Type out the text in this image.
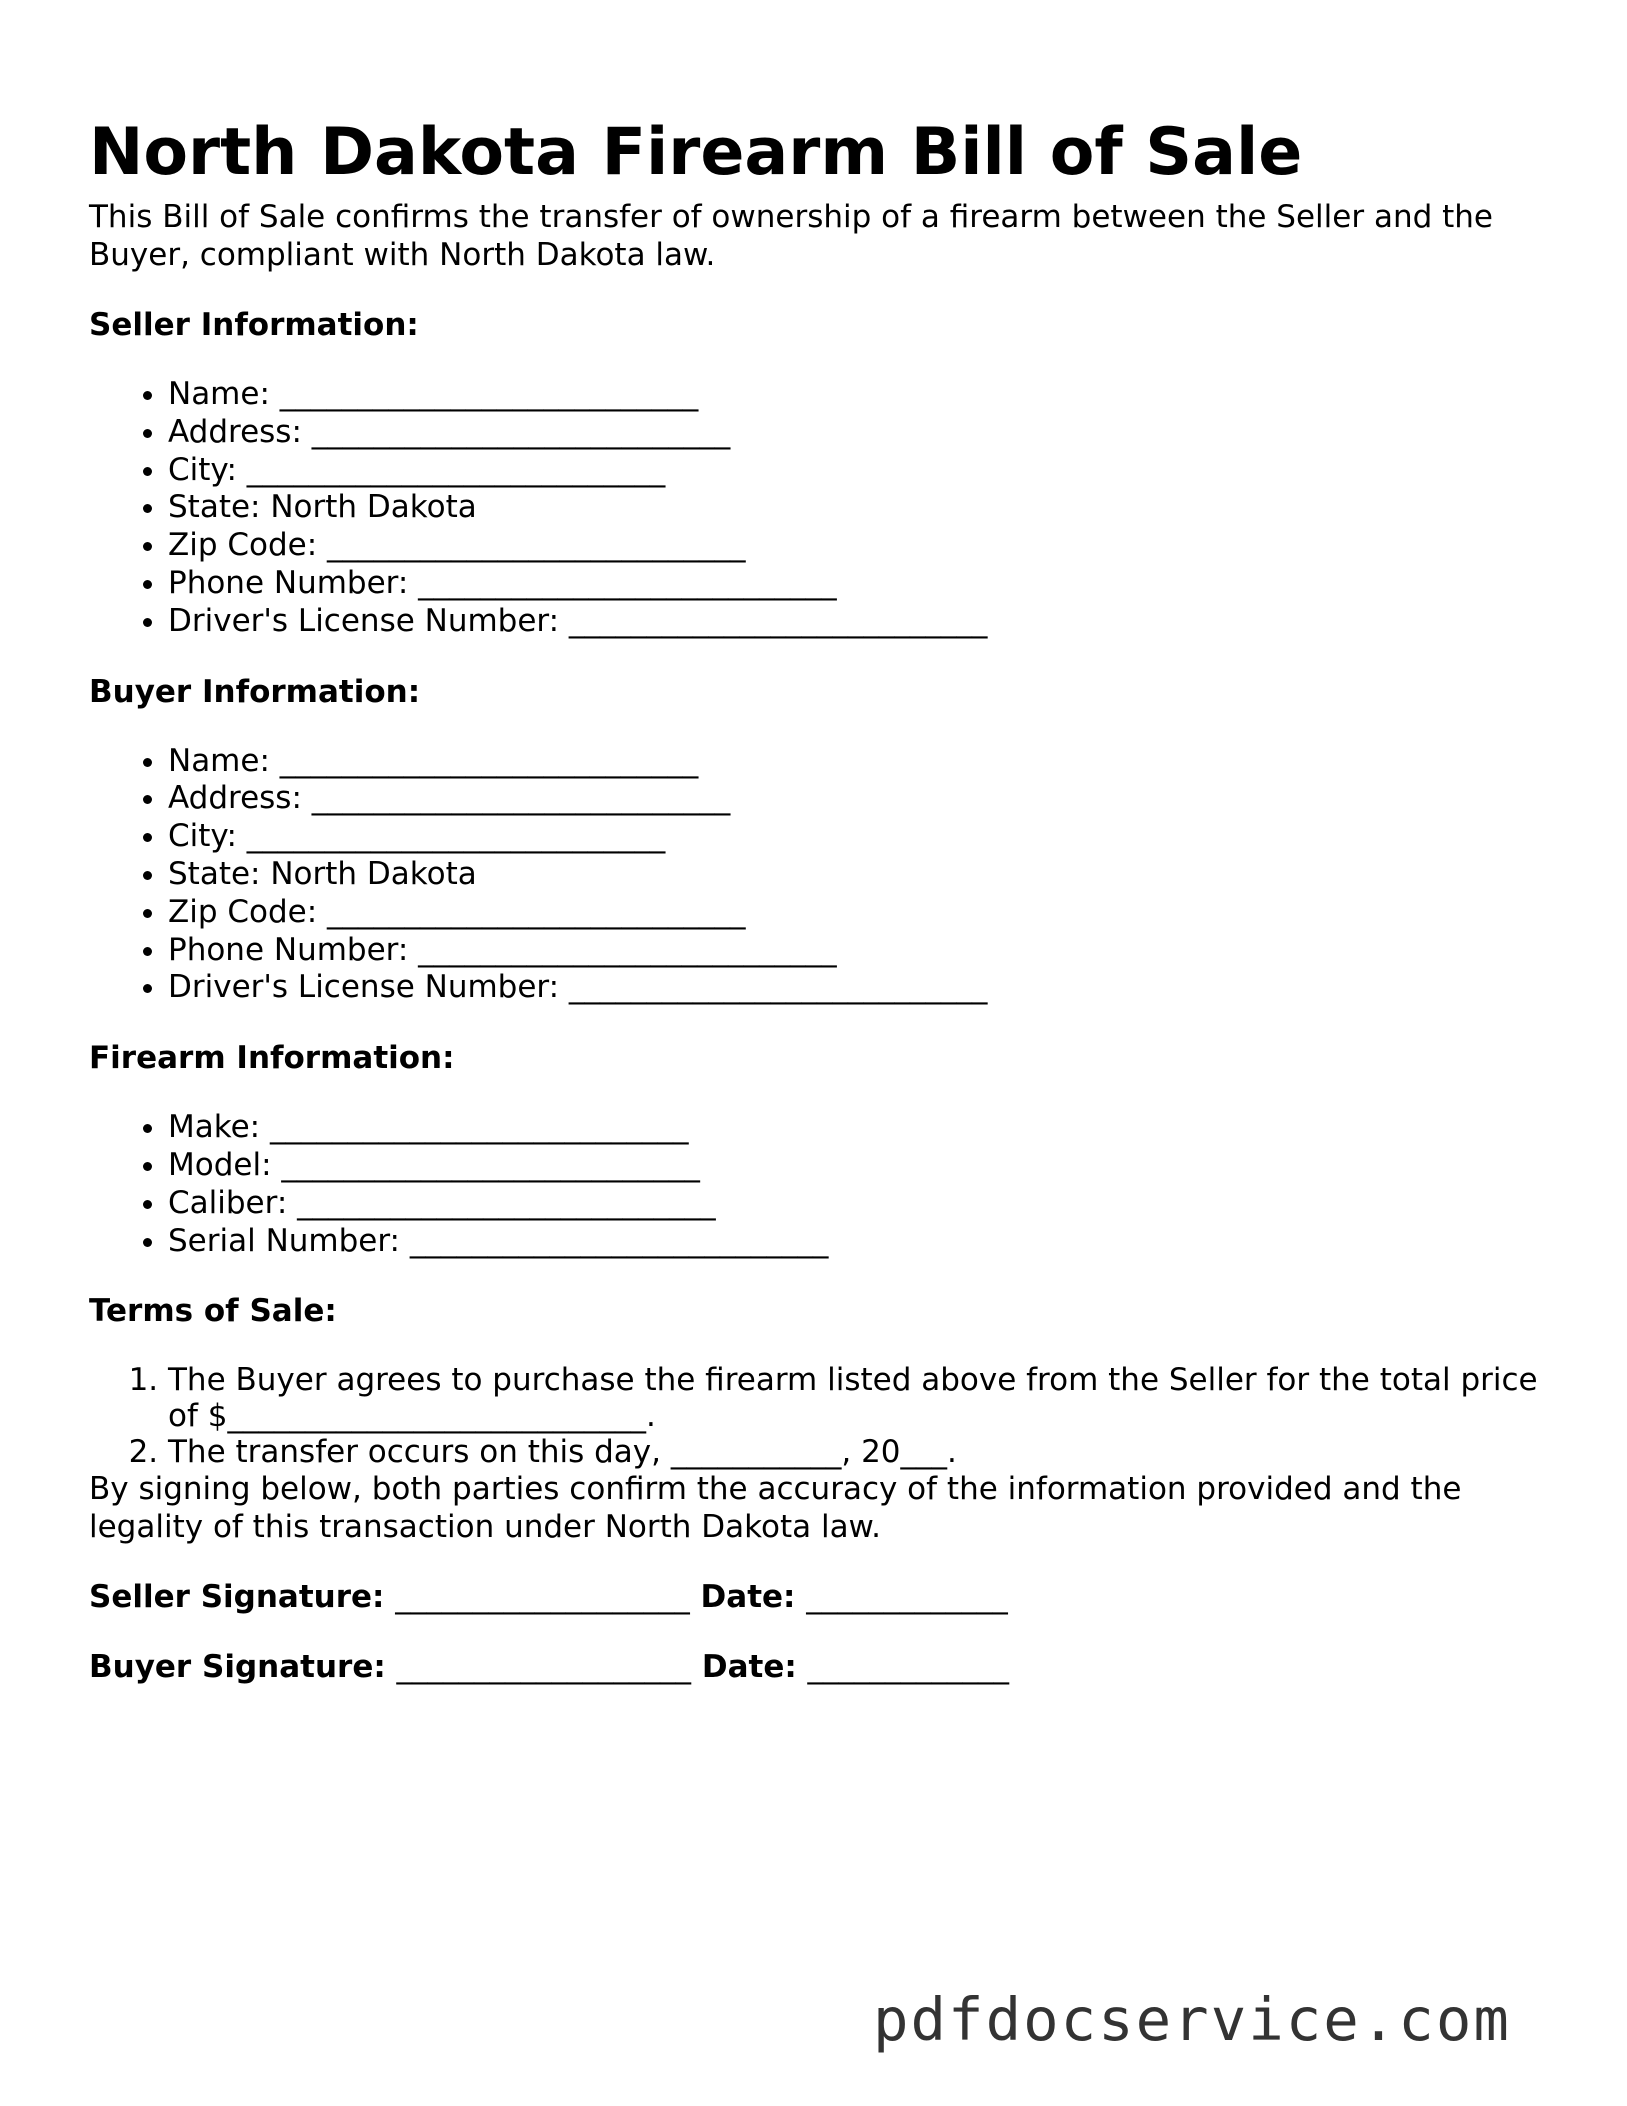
North Dakota Firearm Bill of Sale

This Bill of Sale confirms the transfer of ownership of a firearm between the Seller and the Buyer, compliant with North Dakota law.

Seller Information:
• Name: ___________________________
• Address: ___________________________
• City: ___________________________
• State: North Dakota
• Zip Code: ___________________________
• Phone Number: ___________________________
• Driver's License Number: ___________________________
Buyer Information:
• Name: ___________________________
• Address: ___________________________
• City: ___________________________
• State: North Dakota
• Zip Code: ___________________________
• Phone Number: ___________________________
• Driver's License Number: ___________________________
Firearm Information:
• Make: ___________________________
• Model: ___________________________
• Caliber: ___________________________
• Serial Number: ___________________________
Terms of Sale:
1. The Buyer agrees to purchase the firearm listed above from the Seller for the total price of $___________________________.
2. The transfer occurs on this day, ___________, 20___.

By signing below, both parties confirm the accuracy of the information provided and the legality of this transaction under North Dakota law.

Seller Signature: ___________________ Date: _____________

Buyer Signature: ___________________ Date: _____________

pdfdocservice.com
